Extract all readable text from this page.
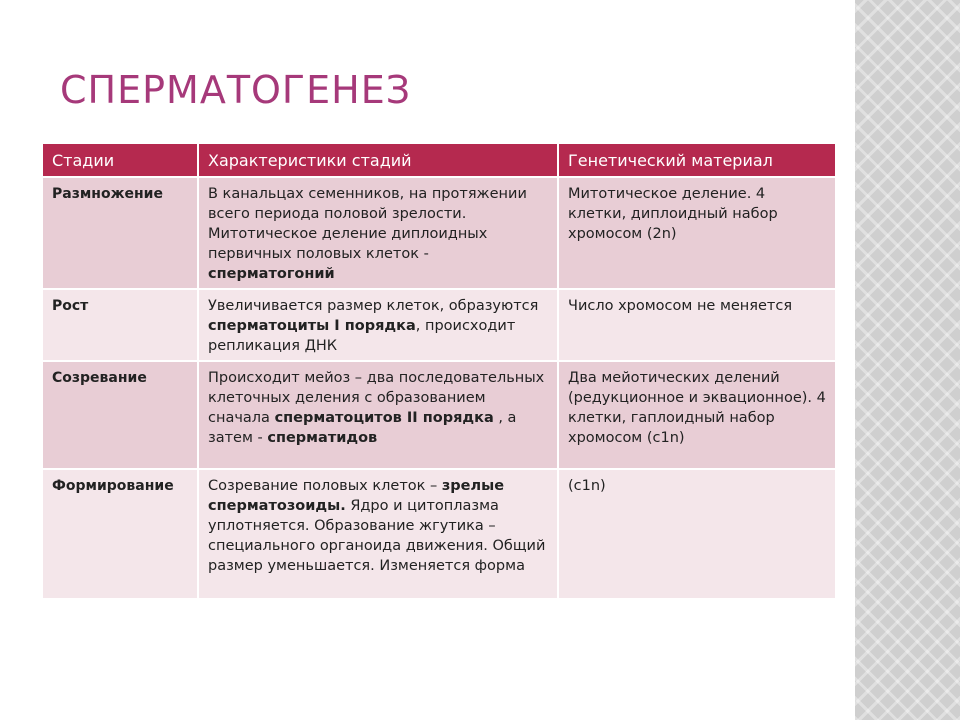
СПЕРМАТОГЕНЕЗ
Стадии	Характеристики стадий	Генетический материал
Размножение	В канальцах семенников, на протяжении всего периода половой зрелости. Митотическое деление диплоидных первичных половых клеток - сперматогоний	Митотическое деление. 4 клетки, диплоидный набор хромосом (2n)
Рост	Увеличивается размер клеток, образуются сперматоциты I порядка, происходит репликация ДНК	Число хромосом не меняется
Созревание	Происходит мейоз – два последовательных клеточных деления с образованием сначала сперматоцитов II порядка , а затем - сперматидов	Два мейотических делений (редукционное и эквационное). 4 клетки, гаплоидный набор хромосом (с1n)
Формирование	Созревание половых клеток – зрелые сперматозоиды. Ядро и цитоплазма уплотняется. Образование жгутика – специального органоида движения. Общий размер уменьшается. Изменяется форма	(с1n)
